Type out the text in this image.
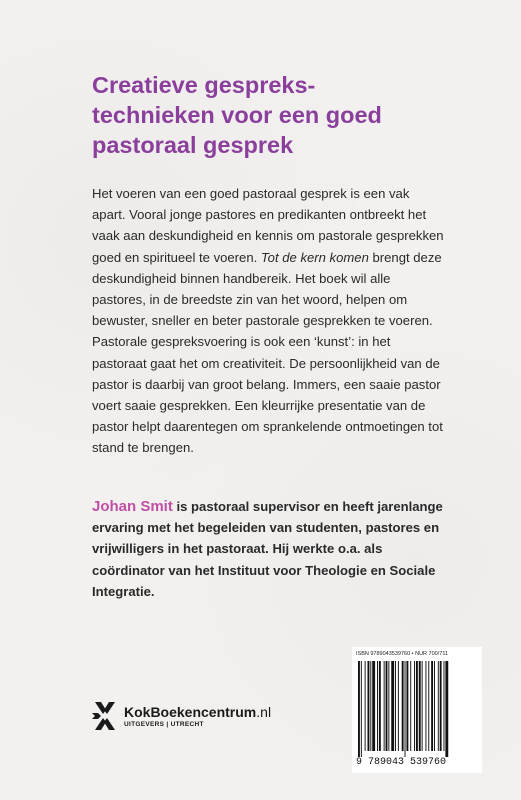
Creatieve gespreks-
technieken voor een goed
pastoraal gesprek

Het voeren van een goed pastoraal gesprek is een vak apart. Vooral jonge pastores en predikanten ontbreekt het vaak aan deskundigheid en kennis om pastorale gesprekken goed en spiritueel te voeren. Tot de kern komen brengt deze deskundigheid binnen handbereik. Het boek wil alle pastores, in de breedste zin van het woord, helpen om bewuster, sneller en beter pastorale gesprekken te voeren.

Pastorale gespreksvoering is ook een ‘kunst’: in het pastoraat gaat het om creativiteit. De persoonlijkheid van de pastor is daarbij van groot belang. Immers, een saaie pastor voert saaie gesprekken. Een kleurrijke presentatie van de pastor helpt daarentegen om sprankelende ontmoetingen tot stand te brengen.

Johan Smit is pastoraal supervisor en heeft jarenlange ervaring met het begeleiden van studenten, pastores en vrijwilligers in het pastoraat. Hij werkte o.a. als coördinator van het Instituut voor Theologie en Sociale Integratie.
KokBoekencentrum.nl
UITGEVERS | UTRECHT
ISBN 9789043539760 • NUR 700/711
9 789043 539760
